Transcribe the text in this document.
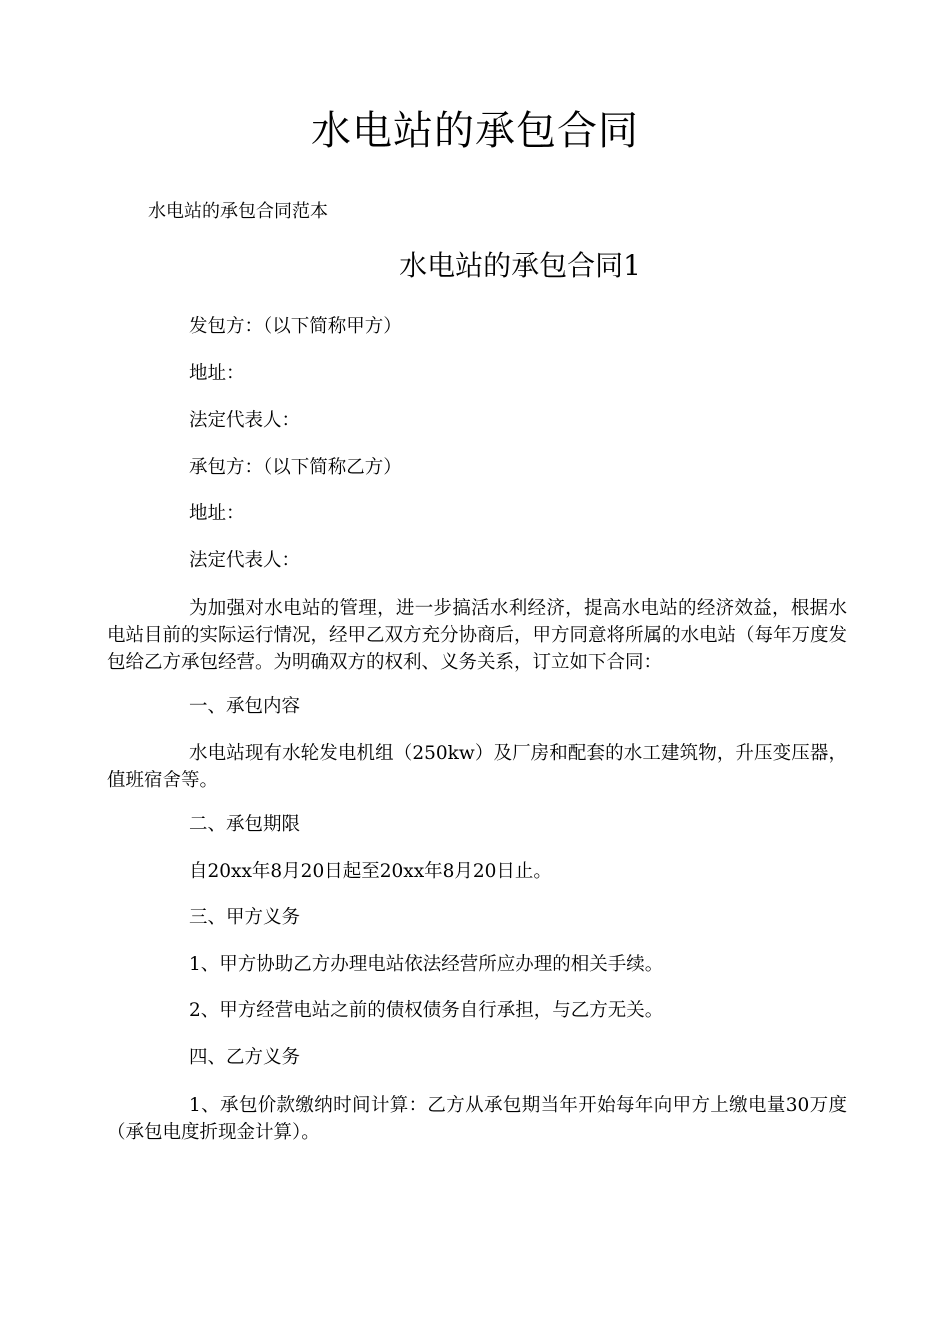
水电站的承包合同

水电站的承包合同范本

水电站的承包合同1

发包方：（以下简称甲方）

地址：

法定代表人：

承包方：（以下简称乙方）

地址：

法定代表人：

为加强对水电站的管理，进一步搞活水利经济，提高水电站的经济效益，根据水电站目前的实际运行情况，经甲乙双方充分协商后，甲方同意将所属的水电站（每年万度发包给乙方承包经营。为明确双方的权利、义务关系，订立如下合同：

一、承包内容

水电站现有水轮发电机组（250kw）及厂房和配套的水工建筑物，升压变压器，值班宿舍等。

二、承包期限

自20xx年8月20日起至20xx年8月20日止。

三、甲方义务

1、甲方协助乙方办理电站依法经营所应办理的相关手续。

2、甲方经营电站之前的债权债务自行承担，与乙方无关。

四、乙方义务

1、承包价款缴纳时间计算：乙方从承包期当年开始每年向甲方上缴电量30万度（承包电度折现金计算）。
